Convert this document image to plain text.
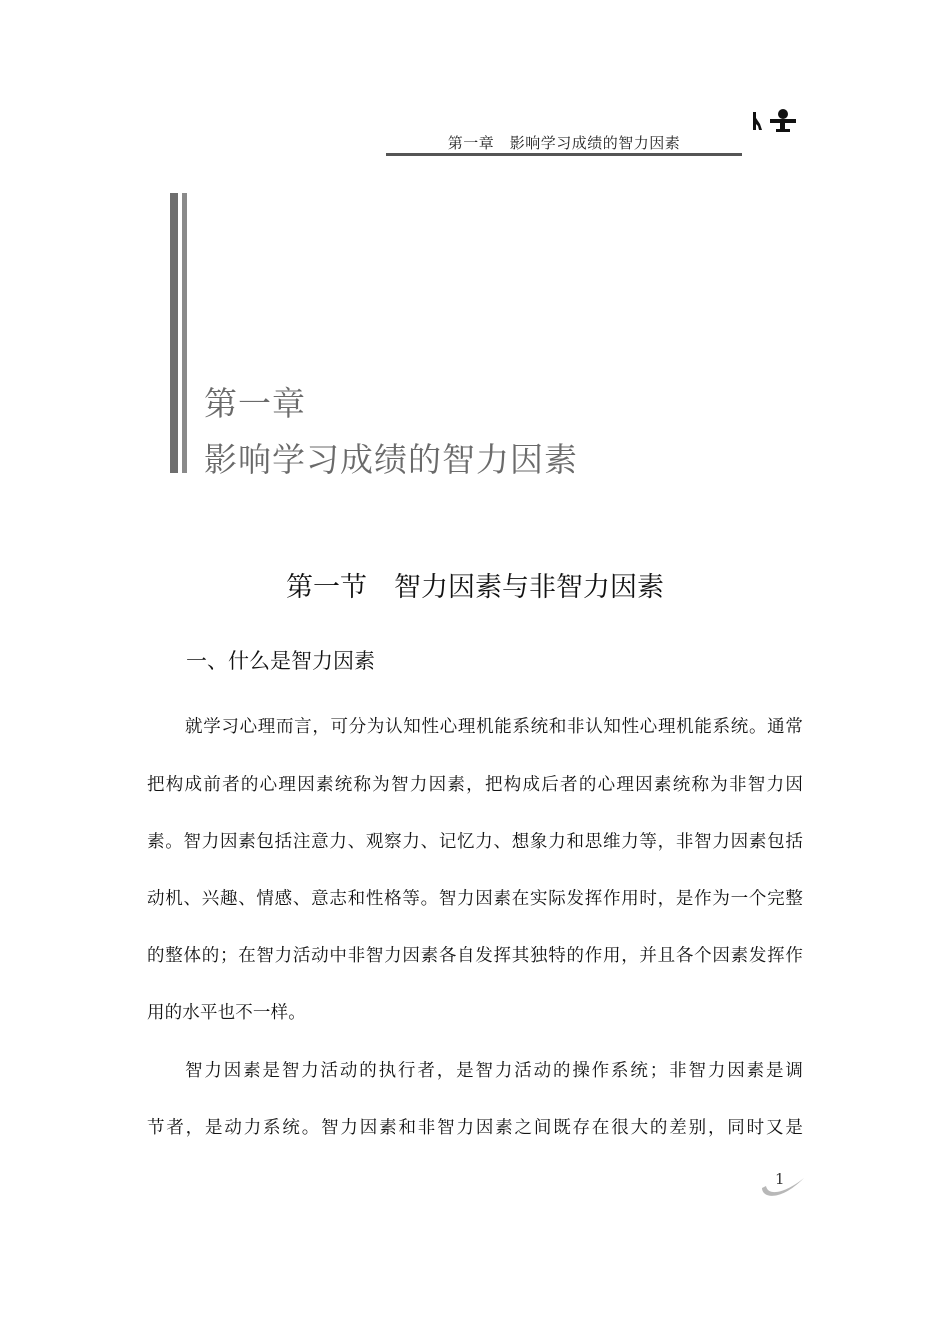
第一章　影响学习成绩的智力因素
第一章
影响学习成绩的智力因素
第一节　智力因素与非智力因素
一、什么是智力因素
就学习心理而言，可分为认知性心理机能系统和非认知性心理机能系统。通常
把构成前者的心理因素统称为智力因素，把构成后者的心理因素统称为非智力因
素。智力因素包括注意力、观察力、记忆力、想象力和思维力等，非智力因素包括
动机、兴趣、情感、意志和性格等。智力因素在实际发挥作用时，是作为一个完整
的整体的；在智力活动中非智力因素各自发挥其独特的作用，并且各个因素发挥作
用的水平也不一样。
智力因素是智力活动的执行者，是智力活动的操作系统；非智力因素是调
节者，是动力系统。智力因素和非智力因素之间既存在很大的差别，同时又是
1
